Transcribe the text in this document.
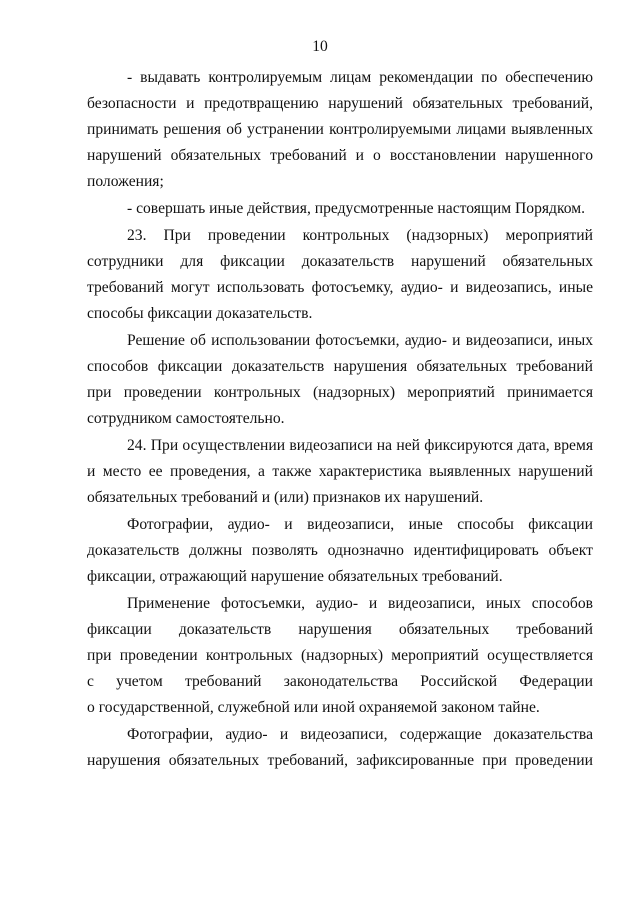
10

- выдавать контролируемым лицам рекомендации по обеспечению
безопасности и предотвращению нарушений обязательных требований,
принимать решения об устранении контролируемыми лицами выявленных
нарушений обязательных требований и о восстановлении нарушенного
положения;

- совершать иные действия, предусмотренные настоящим Порядком.

23. При проведении контрольных (надзорных) мероприятий
сотрудники для фиксации доказательств нарушений обязательных
требований могут использовать фотосъемку, аудио- и видеозапись, иные
способы фиксации доказательств.

Решение об использовании фотосъемки, аудио- и видеозаписи, иных
способов фиксации доказательств нарушения обязательных требований
при проведении контрольных (надзорных) мероприятий принимается
сотрудником самостоятельно.

24. При осуществлении видеозаписи на ней фиксируются дата, время
и место ее проведения, а также характеристика выявленных нарушений
обязательных требований и (или) признаков их нарушений.

Фотографии, аудио- и видеозаписи, иные способы фиксации
доказательств должны позволять однозначно идентифицировать объект
фиксации, отражающий нарушение обязательных требований.

Применение фотосъемки, аудио- и видеозаписи, иных способов
фиксации доказательств нарушения обязательных требований
при проведении контрольных (надзорных) мероприятий осуществляется
с учетом требований законодательства Российской Федерации
о государственной, служебной или иной охраняемой законом тайне.

Фотографии, аудио- и видеозаписи, содержащие доказательства
нарушения обязательных требований, зафиксированные при проведении
